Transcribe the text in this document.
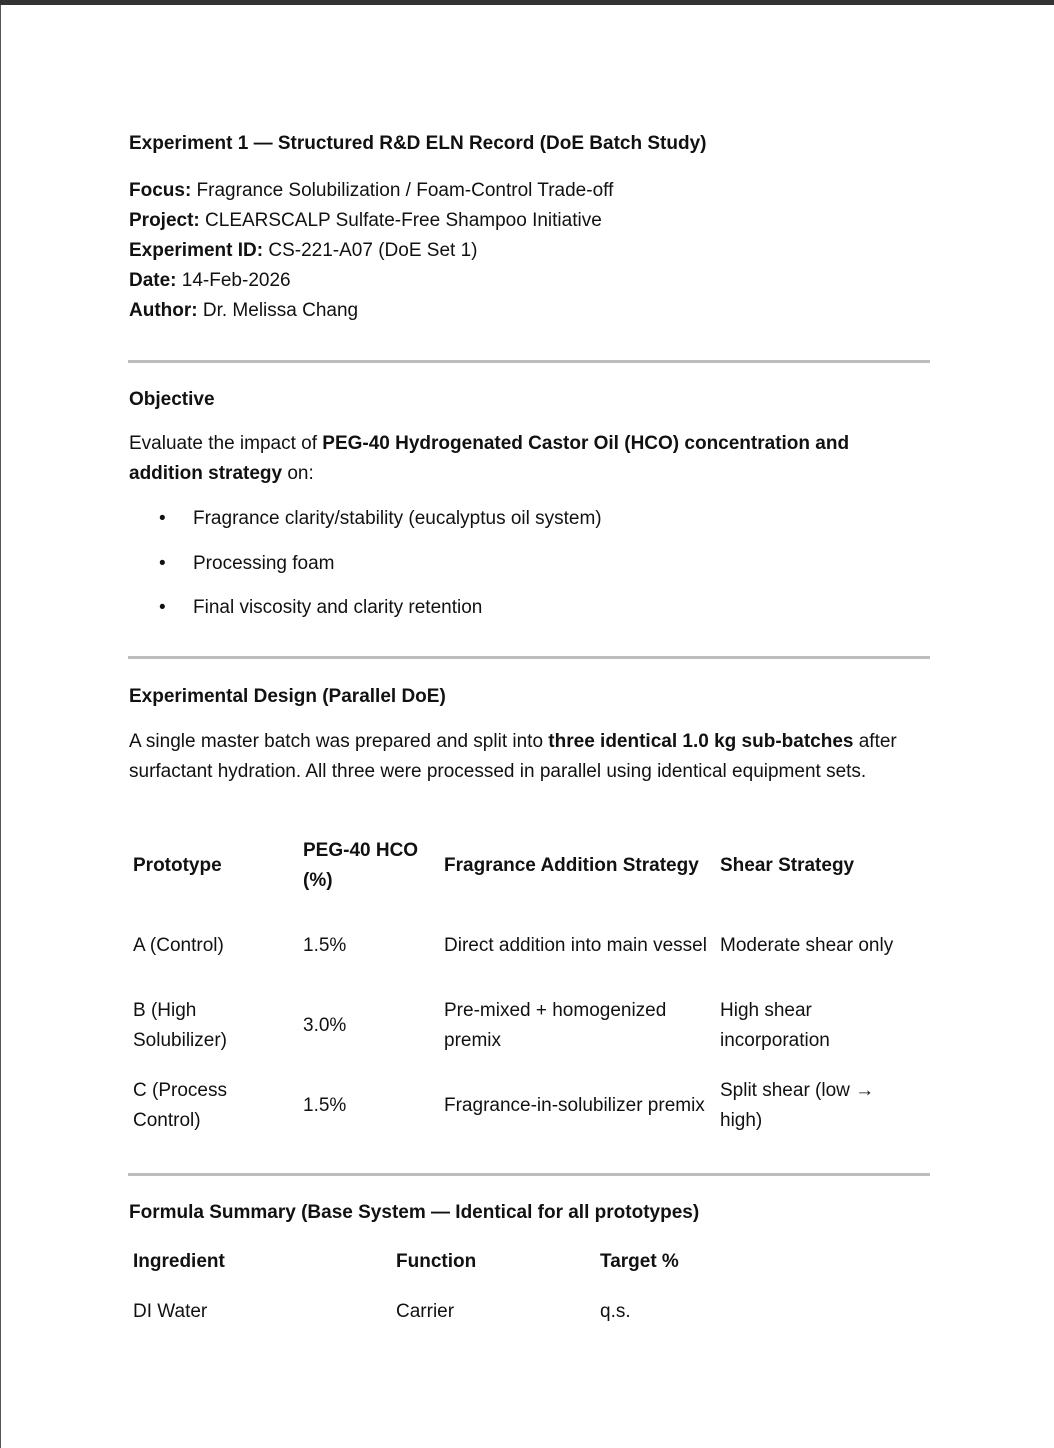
Experiment 1 — Structured R&D ELN Record (DoE Batch Study)
Focus: Fragrance Solubilization / Foam-Control Trade-off
Project: CLEARSCALP Sulfate-Free Shampoo Initiative
Experiment ID: CS-221-A07 (DoE Set 1)
Date: 14-Feb-2026
Author: Dr. Melissa Chang
Objective
Evaluate the impact of PEG-40 Hydrogenated Castor Oil (HCO) concentration and addition strategy on:
• Fragrance clarity/stability (eucalyptus oil system)
• Processing foam
• Final viscosity and clarity retention
Experimental Design (Parallel DoE)
A single master batch was prepared and split into three identical 1.0 kg sub-batches after surfactant hydration. All three were processed in parallel using identical equipment sets.
Prototype	PEG-40 HCO (%)	Fragrance Addition Strategy	Shear Strategy

A (Control)	1.5%	Direct addition into main vessel	Moderate shear only

B (High Solubilizer)	3.0%	Pre-mixed + homogenized premix	High shear incorporation

C (Process Control)	1.5%	Fragrance-in-solubilizer premix	Split shear (low → high)
Formula Summary (Base System — Identical for all prototypes)
Ingredient	Function	Target %

DI Water	Carrier	q.s.
